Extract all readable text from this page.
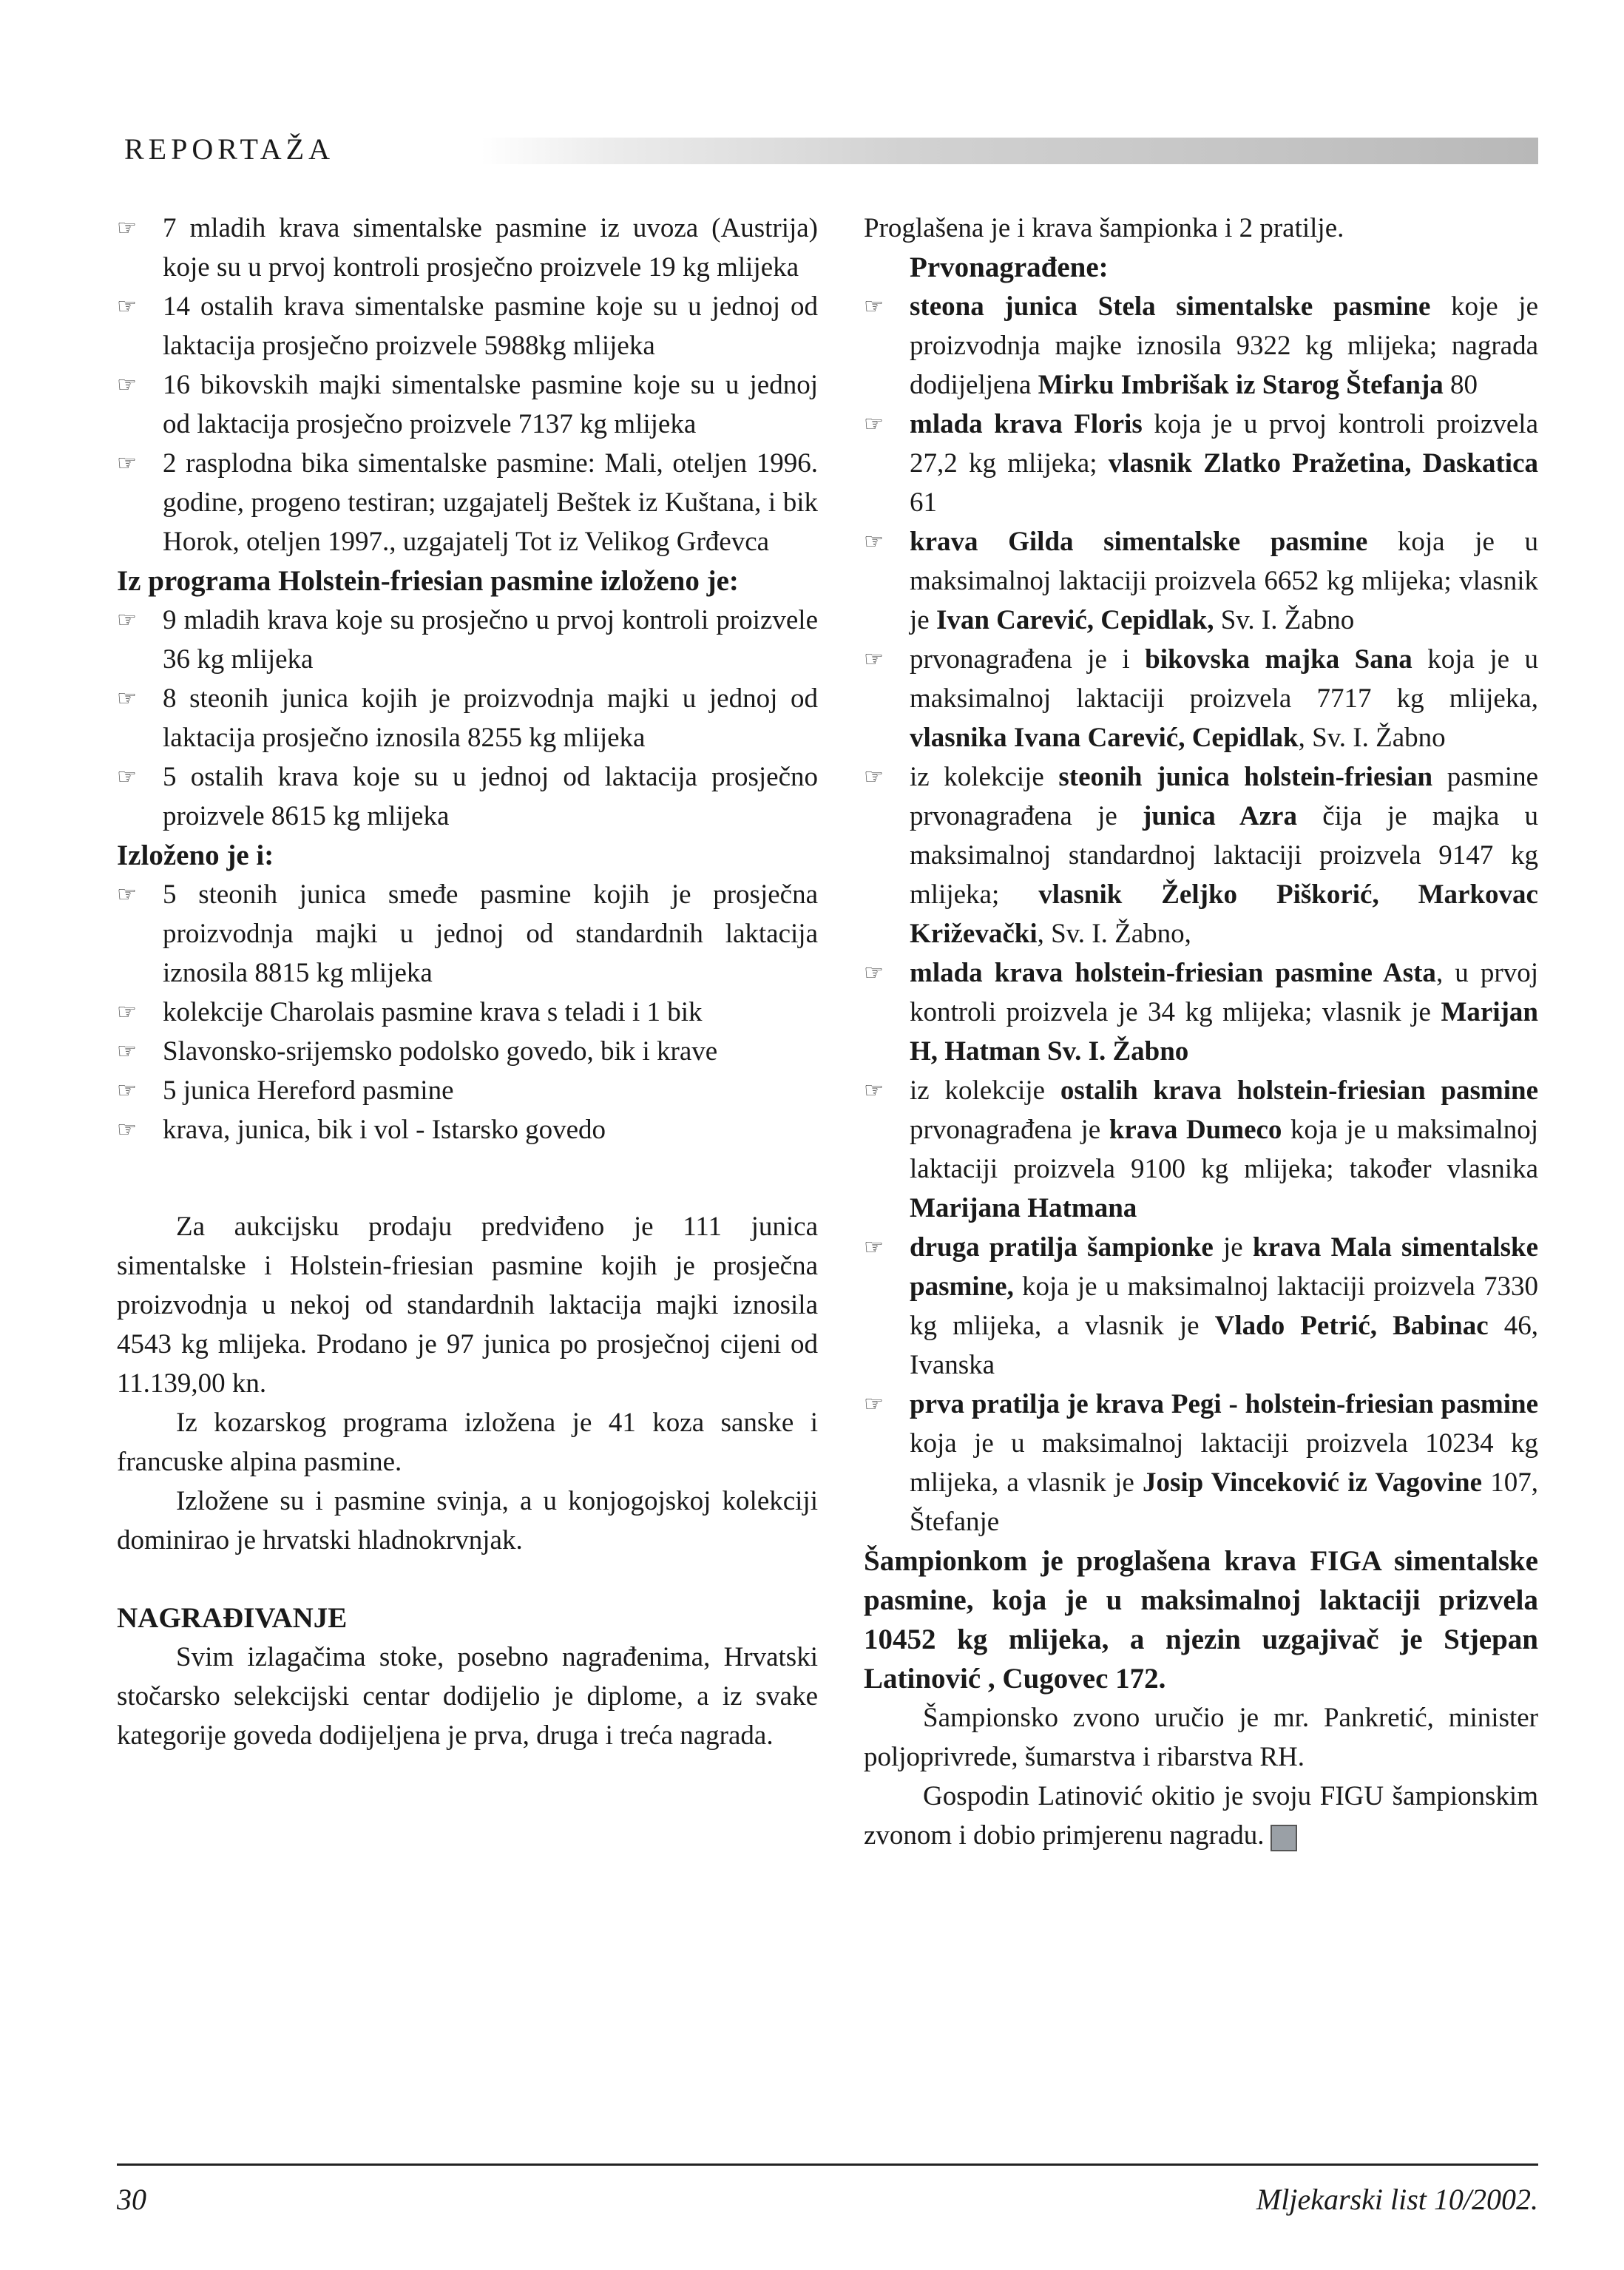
REPORTAŽA
☞ 7 mladih krava simentalske pasmine iz uvoza (Austrija) koje su u prvoj kontroli prosječno proizvele 19 kg mlijeka
☞ 14 ostalih krava simentalske pasmine koje su u jednoj od laktacija prosječno proizvele 5988kg mlijeka
☞ 16 bikovskih majki simentalske pasmine koje su u jednoj od laktacija prosječno proizvele 7137 kg mlijeka
☞ 2 rasplodna bika simentalske pasmine: Mali, oteljen 1996. godine, progeno testiran; uzgajatelj Beštek iz Kuštana, i bik Horok, oteljen 1997., uzgajatelj Tot iz Velikog Grđevca
Iz programa Holstein-friesian pasmine izloženo je:
☞ 9 mladih krava koje su prosječno u prvoj kontroli proizvele 36 kg mlijeka
☞ 8 steonih junica kojih je proizvodnja majki u jednoj od laktacija prosječno iznosila 8255 kg mlijeka
☞ 5 ostalih krava koje su u jednoj od laktacija prosječno proizvele 8615 kg mlijeka
Izloženo je i:
☞ 5 steonih junica smeđe pasmine kojih je prosječna proizvodnja majki u jednoj od standardnih laktacija iznosila 8815 kg mlijeka
☞ kolekcije Charolais pasmine krava s teladi i 1 bik
☞ Slavonsko-srijemsko podolsko govedo, bik i krave
☞ 5 junica Hereford pasmine
☞ krava, junica, bik i vol - Istarsko govedo

Za aukcijsku prodaju predviđeno je 111 junica simentalske i Holstein-friesian pasmine kojih je prosječna proizvodnja u nekoj od standardnih laktacija majki iznosila 4543 kg mlijeka. Prodano je 97 junica po prosječnoj cijeni od 11.139,00 kn.

Iz kozarskog programa izložena je 41 koza sanske i francuske alpina pasmine.

Izložene su i pasmine svinja, a u konjogojskoj kolekciji dominirao je hrvatski hladnokrvnjak.

NAGRAĐIVANJE

Svim izlagačima stoke, posebno nagrađenima, Hrvatski stočarsko selekcijski centar dodijelio je diplome, a iz svake kategorije goveda dodijeljena je prva, druga i treća nagrada.

Proglašena je i krava šampionka i 2 pratilje.
Prvonagrađene:
☞ steona junica Stela simentalske pasmine koje je proizvodnja majke iznosila 9322 kg mlijeka; nagrada dodijeljena Mirku Imbrišak iz Starog Štefanja 80
☞ mlada krava Floris koja je u prvoj kontroli proizvela 27,2 kg mlijeka; vlasnik Zlatko Pražetina, Daskatica 61
☞ krava Gilda simentalske pasmine koja je u maksimalnoj laktaciji proizvela 6652 kg mlijeka; vlasnik je Ivan Carević, Cepidlak, Sv. I. Žabno
☞ prvonagrađena je i bikovska majka Sana koja je u maksimalnoj laktaciji proizvela 7717 kg mlijeka, vlasnika Ivana Carević, Cepidlak, Sv. I. Žabno
☞ iz kolekcije steonih junica holstein-friesian pasmine prvonagrađena je junica Azra čija je majka u maksimalnoj standardnoj laktaciji proizvela 9147 kg mlijeka; vlasnik Željko Piškorić, Markovac Križevački, Sv. I. Žabno,
☞ mlada krava holstein-friesian pasmine Asta, u prvoj kontroli proizvela je 34 kg mlijeka; vlasnik je Marijan H, Hatman Sv. I. Žabno
☞ iz kolekcije ostalih krava holstein-friesian pasmine prvonagrađena je krava Dumeco koja je u maksimalnoj laktaciji proizvela 9100 kg mlijeka; također vlasnika Marijana Hatmana
☞ druga pratilja šampionke je krava Mala simentalske pasmine, koja je u maksimalnoj laktaciji proizvela 7330 kg mlijeka, a vlasnik je Vlado Petrić, Babinac 46, Ivanska
☞ prva pratilja je krava Pegi - holstein-friesian pasmine koja je u maksimalnoj laktaciji proizvela 10234 kg mlijeka, a vlasnik je Josip Vinceković iz Vagovine 107, Štefanje
Šampionkom je proglašena krava FIGA simentalske pasmine, koja je u maksimalnoj laktaciji prizvela 10452 kg mlijeka, a njezin uzgajivač je Stjepan Latinović , Cugovec 172.

Šampionsko zvono uručio je mr. Pankretić, minister poljoprivrede, šumarstva i ribarstva RH.

Gospodin Latinović okitio je svoju FIGU šampionskim zvonom i dobio primjerenu nagradu.

30	Mljekarski list 10/2002.
